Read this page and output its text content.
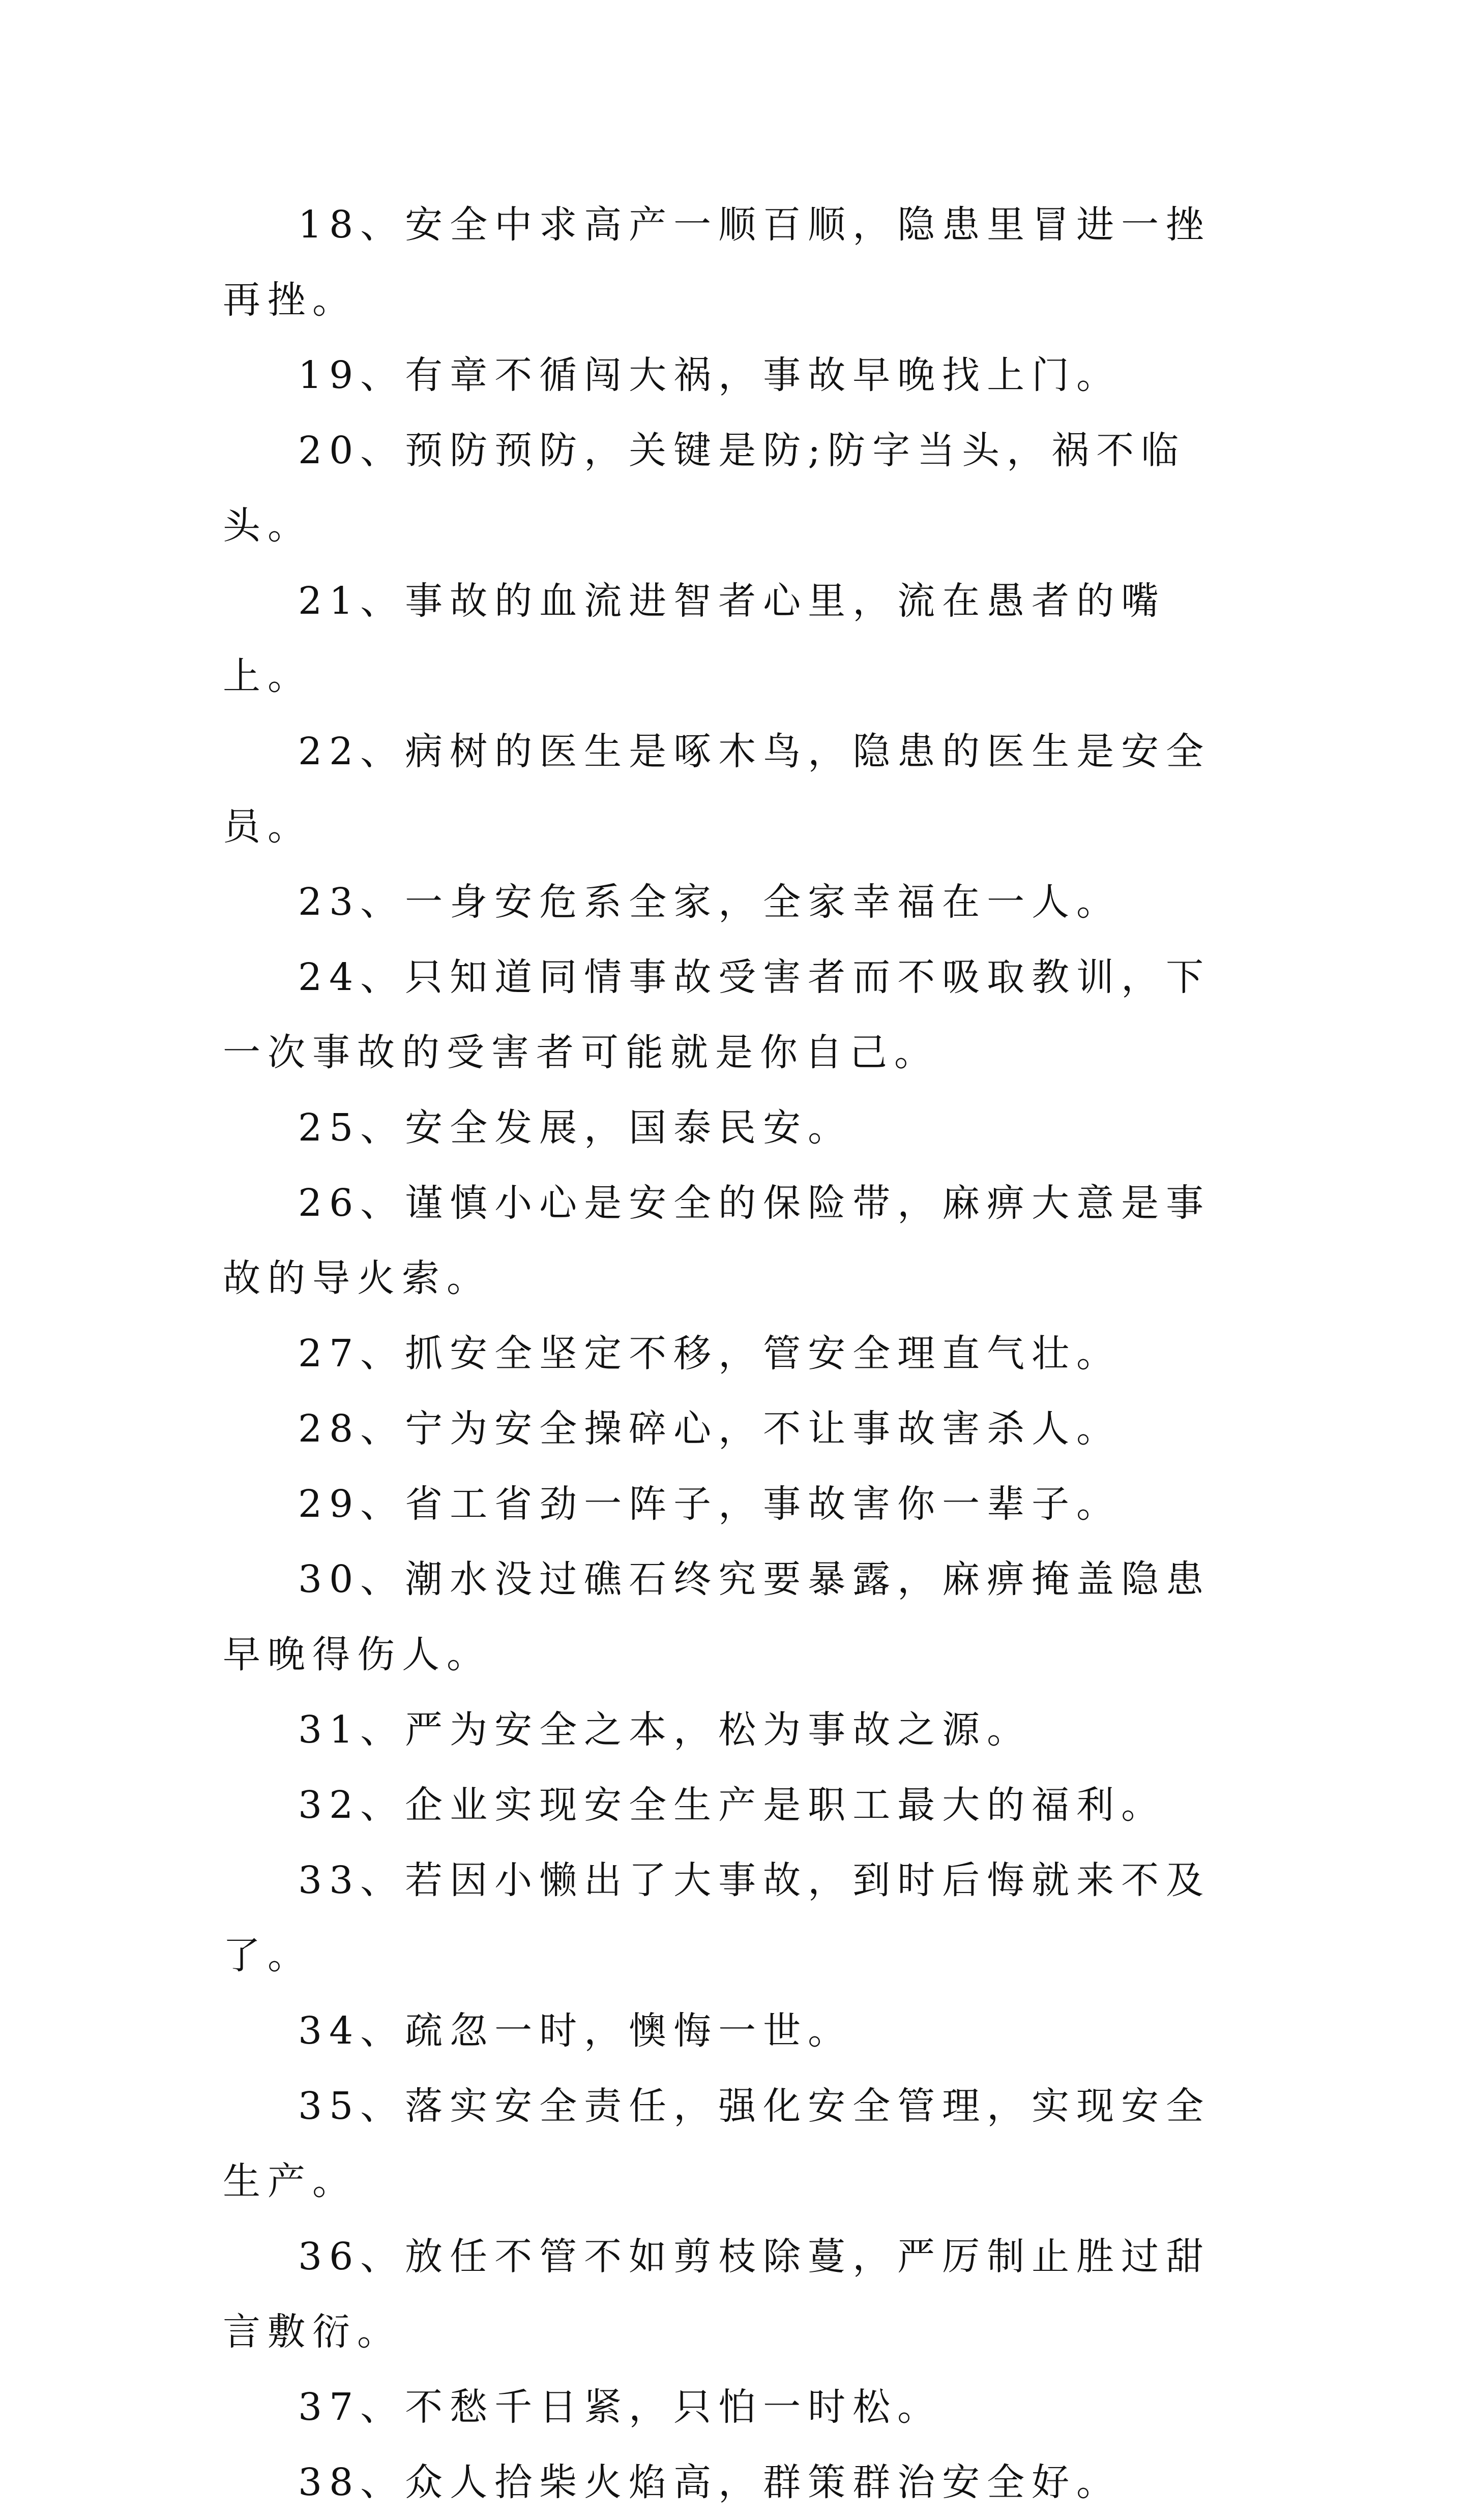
18、安全中求高产一顺百顺，隐患里冒进一挫再挫。

19、有章不循闯大祸，事故早晚找上门。

20、预防预防，关键是防;防字当头，祸不临头。

21、事故的血流进智者心里，流在愚者的嘴上。

22、病树的医生是啄木鸟，隐患的医生是安全员。

23、一身安危系全家，全家幸福在一人。

24、只知道同情事故受害者而不吸取教训，下一次事故的受害者可能就是你自己。

25、安全发展，国泰民安。

26、谨慎小心是安全的保险带，麻痹大意是事故的导火索。

27、抓安全坚定不移，管安全理直气壮。

28、宁为安全操碎心，不让事故害杀人。

29、省工省劲一阵子，事故害你一辈子。

30、潮水没过礁石终究要暴露，麻痹掩盖隐患早晚得伤人。

31、严为安全之本，松为事故之源。

32、企业实现安全生产是职工最大的福利。

33、若因小懒出了大事故，到时后悔就来不及了。

34、疏忽一时，懊悔一世。

35、落实安全责任，强化安全管理，实现安全生产。

36、放任不管不如剪枝除蔓，严厉制止胜过甜言敷衍。

37、不愁千日紧，只怕一时松。

38、众人拾柴火焰高，群策群治安全好。
